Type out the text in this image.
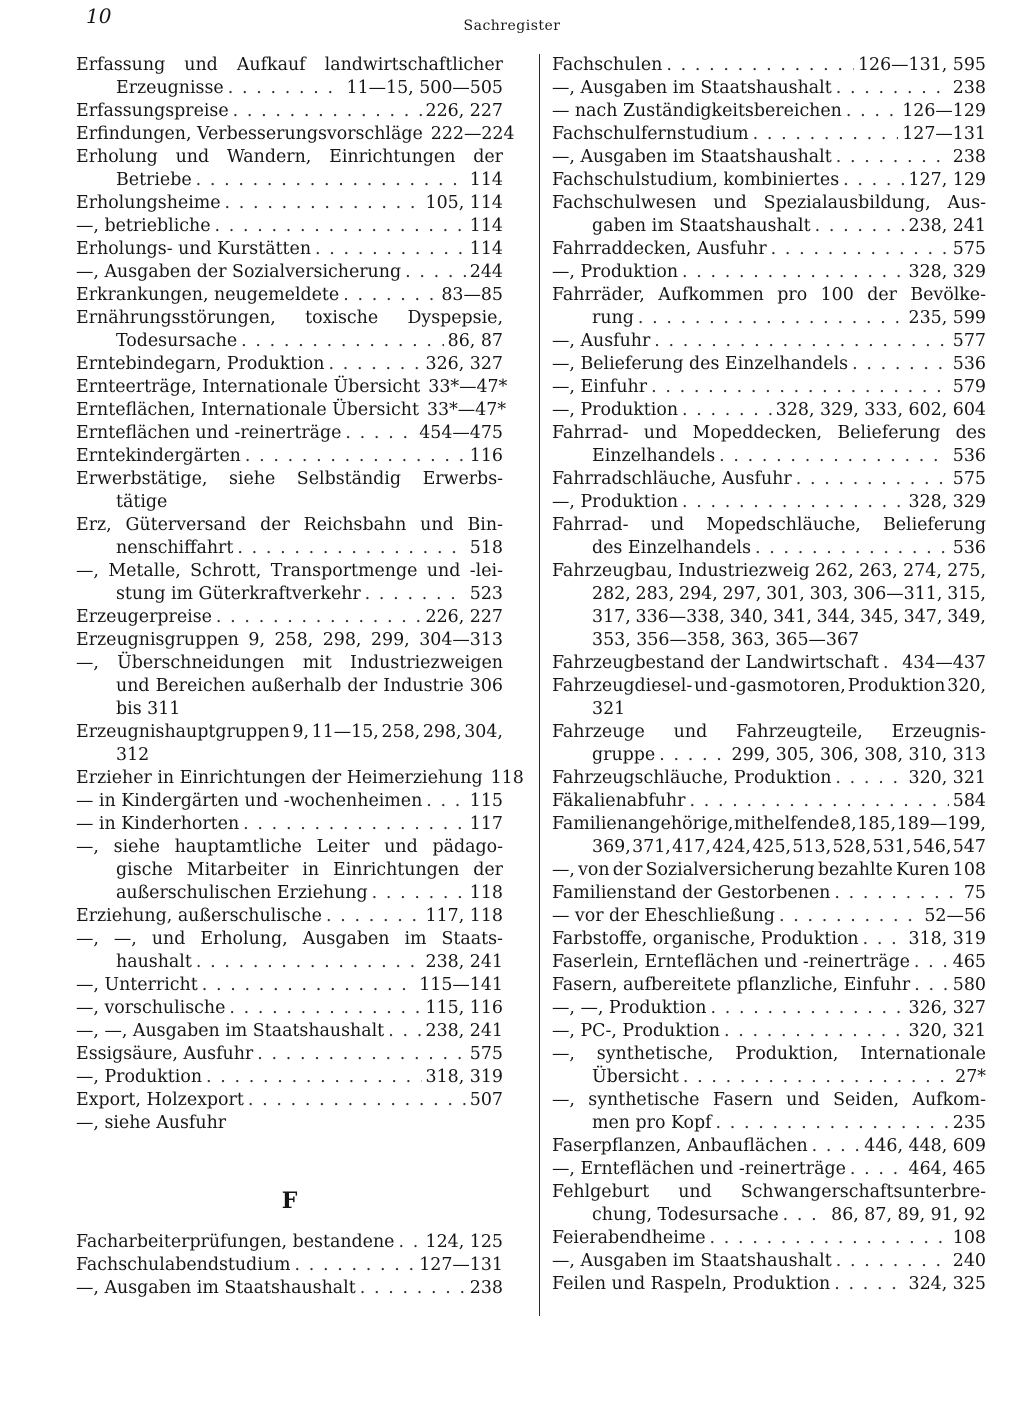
10	Sachregister
Erfassung und Aufkauf landwirtschaftlicher
Erzeugnisse . . .	11—15, 500—505
Erfassungspreise . . .	226, 227
Erfindungen, Verbesserungsvorschläge 222—224
Erholung und Wandern, Einrichtungen der
Betriebe . . .	114
Erholungsheime . . .	105, 114
—, betriebliche . . .	114
Erholungs- und Kurstätten . . .	114
—, Ausgaben der Sozialversicherung . . .	244
Erkrankungen, neugemeldete . . .	83—85
Ernährungsstörungen, toxische Dyspepsie,
Todesursache . . .	86, 87
Erntebindegarn, Produktion . . .	326, 327
Ernteerträge, Internationale Übersicht 33*—47*
Ernteflächen, Internationale Übersicht 33*—47*
Ernteflächen und -reinerträge . . .	454—475
Erntekindergärten . . .	116
Erwerbstätige, siehe Selbständig Erwerbs-
tätige
Erz, Güterversand der Reichsbahn und Bin-
nenschiffahrt . . .	518
—, Metalle, Schrott, Transportmenge und -lei-
stung im Güterkraftverkehr . . .	523
Erzeugerpreise . . .	226, 227
Erzeugnisgruppen 9, 258, 298, 299, 304—313
—, Überschneidungen mit Industriezweigen
und Bereichen außerhalb der Industrie 306
bis 311
Erzeugnishauptgruppen 9, 11—15, 258, 298, 304,
312
Erzieher in Einrichtungen der Heimerziehung 118
— in Kindergärten und -wochenheimen . . .	115
— in Kinderhorten . . .	117
—, siehe hauptamtliche Leiter und pädago-
gische Mitarbeiter in Einrichtungen der
außerschulischen Erziehung . . .	118
Erziehung, außerschulische . . .	117, 118
—, —, und Erholung, Ausgaben im Staats-
haushalt . . .	238, 241
—, Unterricht . . .	115—141
—, vorschulische . . .	115, 116
—, —, Ausgaben im Staatshaushalt . . . 238, 241
Essigsäure, Ausfuhr . . .	575
—, Produktion . . .	318, 319
Export, Holzexport . . .	507
—, siehe Ausfuhr
F
Facharbeiterprüfungen, bestandene . . . 124, 125
Fachschulabendstudium . . .	127—131
—, Ausgaben im Staatshaushalt . . .	238
Fachschulen . . .	126—131, 595
—, Ausgaben im Staatshaushalt . . .	238
— nach Zuständigkeitsbereichen . . .	126—129
Fachschulfernstudium . . .	127—131
—, Ausgaben im Staatshaushalt . . .	238
Fachschulstudium, kombiniertes . . .	127, 129
Fachschulwesen und Spezialausbildung, Aus-
gaben im Staatshaushalt . . .	238, 241
Fahrraddecken, Ausfuhr . . .	575
—, Produktion . . .	328, 329
Fahrräder, Aufkommen pro 100 der Bevölke-
rung . . .	235, 599
—, Ausfuhr . . .	577
—, Belieferung des Einzelhandels . . .	536
—, Einfuhr . . .	579
—, Produktion . . .	328, 329, 333, 602, 604
Fahrrad- und Mopeddecken, Belieferung des
Einzelhandels . . .	536
Fahrradschläuche, Ausfuhr . . .	575
—, Produktion . . .	328, 329
Fahrrad- und Mopedschläuche, Belieferung
des Einzelhandels . . .	536
Fahrzeugbau, Industriezweig 262, 263, 274, 275,
282, 283, 294, 297, 301, 303, 306—311, 315,
317, 336—338, 340, 341, 344, 345, 347, 349,
353, 356—358, 363, 365—367
Fahrzeugbestand der Landwirtschaft . . . 434—437
Fahrzeugdiesel- und -gasmotoren, Produktion 320,
321
Fahrzeuge und Fahrzeugteile, Erzeugnis-
gruppe . . .	299, 305, 306, 308, 310, 313
Fahrzeugschläuche, Produktion . . .	320, 321
Fäkalienabfuhr . . .	584
Familienangehörige, mithelfende 8, 185, 189—199,
369, 371, 417, 424, 425, 513, 528, 531, 546, 547
—, von der Sozialversicherung bezahlte Kuren 108
Familienstand der Gestorbenen . . .	75
— vor der Eheschließung . . .	52—56
Farbstoffe, organische, Produktion . . .	318, 319
Faserlein, Ernteflächen und -reinerträge . . . 465
Fasern, aufbereitete pflanzliche, Einfuhr . . . 580
—, —, Produktion . . .	326, 327
—, PC-, Produktion . . .	320, 321
—, synthetische, Produktion, Internationale
Übersicht . . .	27*
—, synthetische Fasern und Seiden, Aufkom-
men pro Kopf . . .	235
Faserpflanzen, Anbauflächen . . .	446, 448, 609
—, Ernteflächen und -reinerträge . . .	464, 465
Fehlgeburt und Schwangerschaftsunterbre-
chung, Todesursache . . .	86, 87, 89, 91, 92
Feierabendheime . . .	108
—, Ausgaben im Staatshaushalt . . .	240
Feilen und Raspeln, Produktion . . .	324, 325
